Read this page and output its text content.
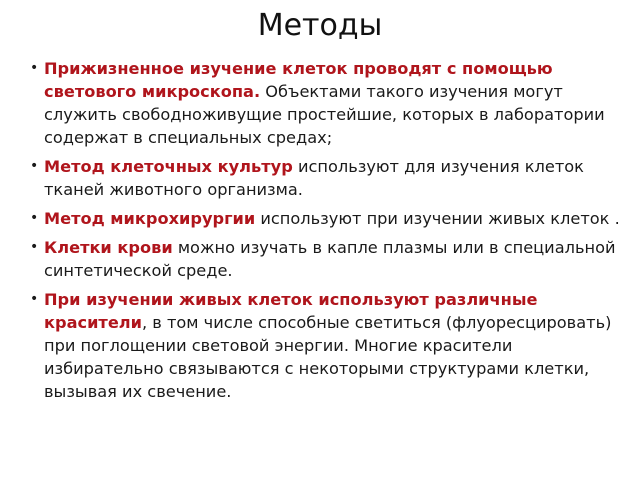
Методы
• Прижизненное изучение клеток проводят с помощью светового микроскопа. Объектами такого изучения могут служить свободноживущие простейшие, которых в лаборатории содержат в специальных средах;
• Метод клеточных культур используют для изучения клеток тканей животного организма.
• Метод микрохирургии используют при изучении живых клеток .
• Клетки крови можно изучать в капле плазмы или в специальной синтетической среде.
• При изучении живых клеток используют различные красители, в том числе способные светиться (флуоресцировать) при поглощении световой энергии. Многие красители избирательно связываются с некоторыми структурами клетки, вызывая их свечение.
